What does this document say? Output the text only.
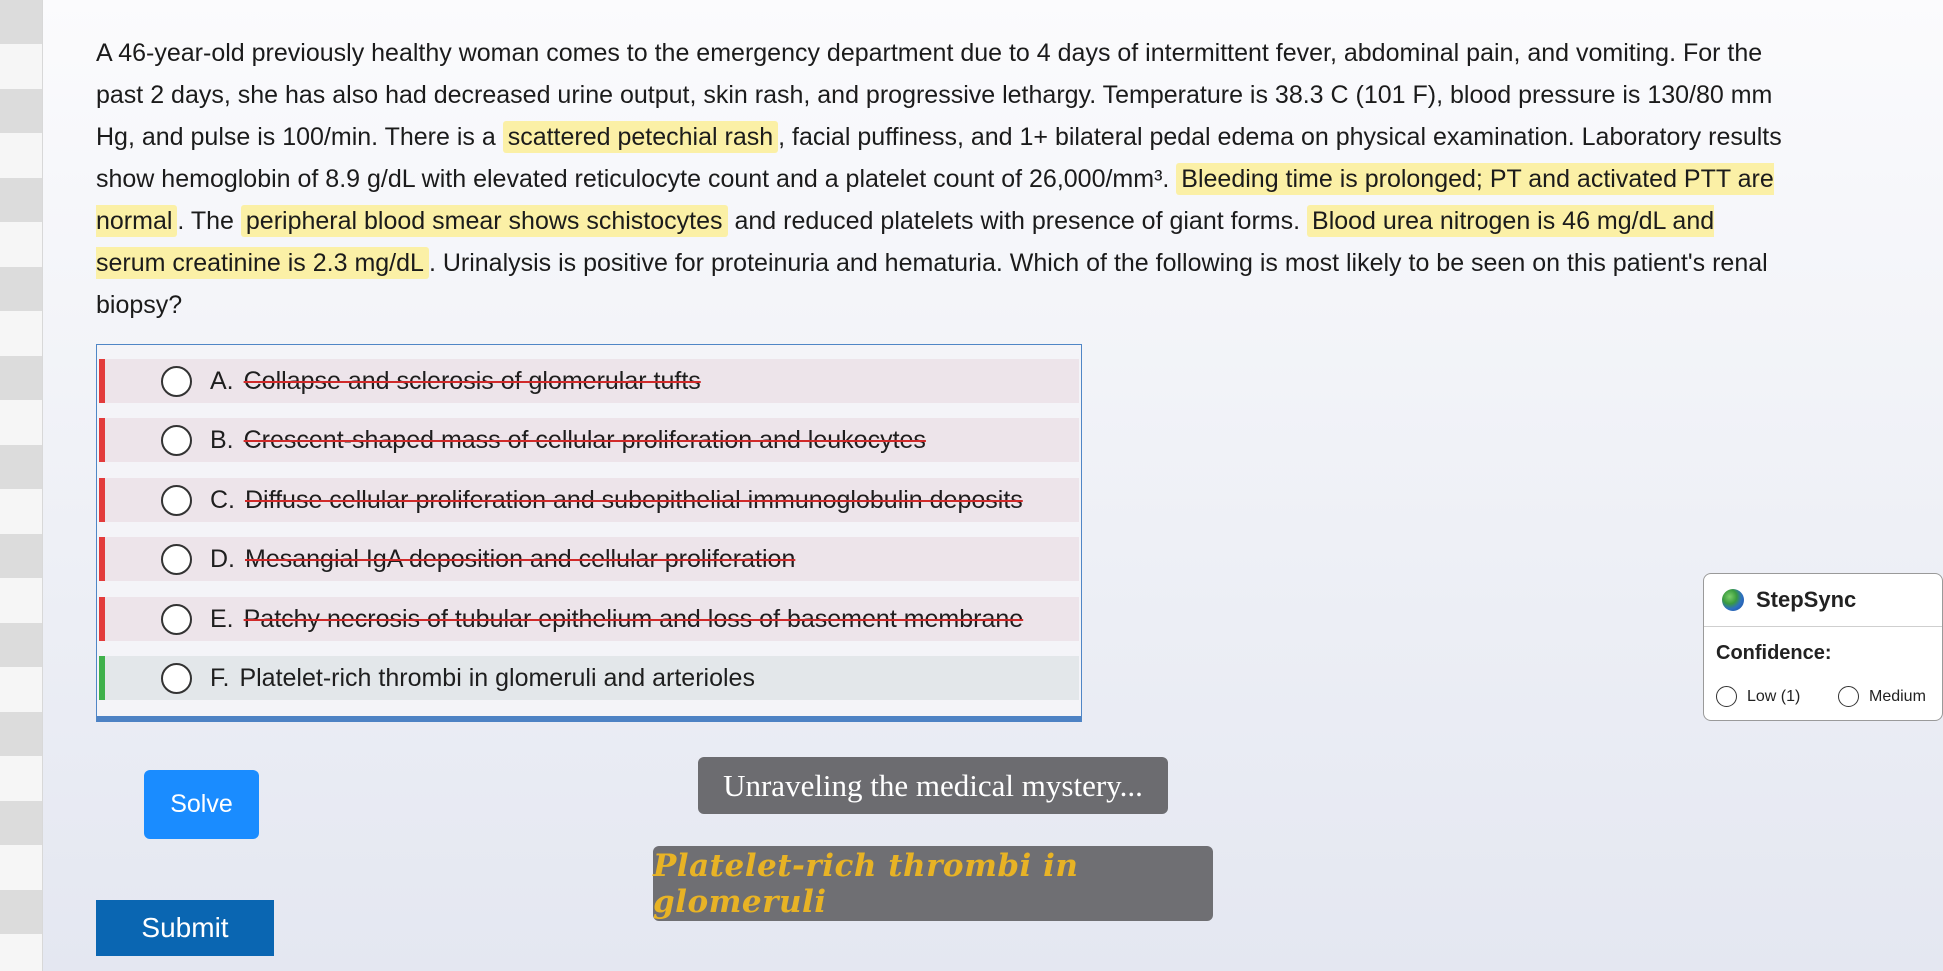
A 46-year-old previously healthy woman comes to the emergency department due to 4 days of intermittent fever, abdominal pain, and vomiting. For the past 2 days, she has also had decreased urine output, skin rash, and progressive lethargy. Temperature is 38.3 C (101 F), blood pressure is 130/80 mm Hg, and pulse is 100/min. There is a scattered petechial rash , facial puffiness, and 1+ bilateral pedal edema on physical examination. Laboratory results show hemoglobin of 8.9 g/dL with elevated reticulocyte count and a platelet count of 26,000/mm³. Bleeding time is prolonged; PT and activated PTT are normal . The peripheral blood smear shows schistocytes and reduced platelets with presence of giant forms. Blood urea nitrogen is 46 mg/dL and serum creatinine is 2.3 mg/dL . Urinalysis is positive for proteinuria and hematuria. Which of the following is most likely to be seen on this patient's renal biopsy?
A. Collapse and sclerosis of glomerular tufts
B. Crescent-shaped mass of cellular proliferation and leukocytes
C. Diffuse cellular proliferation and subepithelial immunoglobulin deposits
D. Mesangial IgA deposition and cellular proliferation
E. Patchy necrosis of tubular epithelium and loss of basement membrane
F. Platelet-rich thrombi in glomeruli and arterioles
Solve
Submit
Unraveling the medical mystery...
Platelet-rich thrombi in glomeruli
StepSync
Confidence:
Low (1)	Medium
